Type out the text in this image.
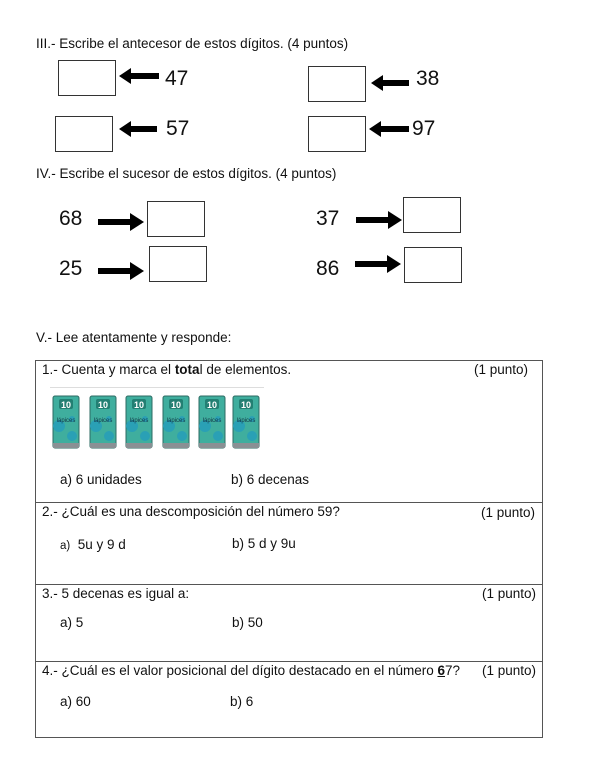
III.- Escribe el antecesor de estos dígitos. (4 puntos)
47	38
57	97
IV.- Escribe el sucesor de estos dígitos. (4 puntos)
68	37
25	86
V.- Lee atentamente y responde:
1.- Cuenta y marca el total de elementos.	(1 punto)
10
lápices
10
lápices
10
lápices
10
lápices
10
lápices
10
lápices
a) 6 unidades	b) 6 decenas
2.- ¿Cuál es una descomposición del número 59?	(1 punto)
a) 5u y 9 d	b) 5 d y 9u
3.- 5 decenas es igual a:	(1 punto)
a) 5	b) 50
4.- ¿Cuál es el valor posicional del dígito destacado en el número 67? (1 punto)
a) 60	b) 6
